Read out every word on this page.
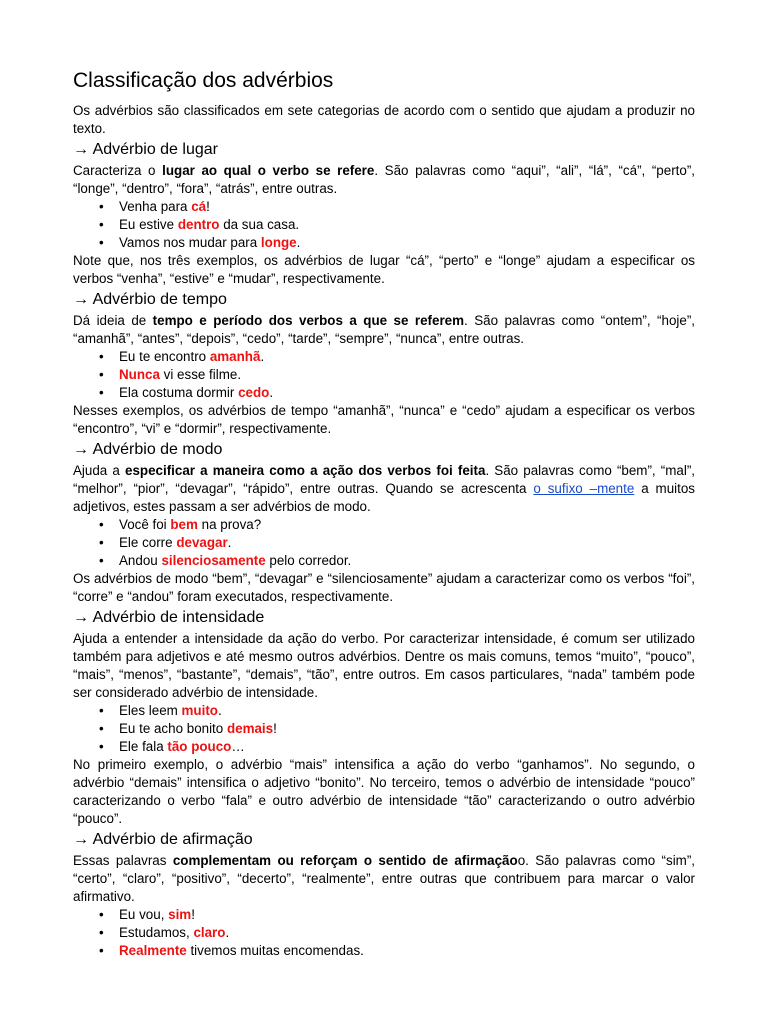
Classificação dos advérbios

Os advérbios são classificados em sete categorias de acordo com o sentido que ajudam a produzir no texto.

→ Advérbio de lugar

Caracteriza o lugar ao qual o verbo se refere. São palavras como “aqui”, “ali”, “lá”, “cá”, “perto”, “longe”, “dentro”, “fora”, “atrás”, entre outras.

• Venha para cá!
• Eu estive dentro da sua casa.
• Vamos nos mudar para longe.

Note que, nos três exemplos, os advérbios de lugar “cá”, “perto” e “longe” ajudam a especificar os verbos “venha”, “estive” e “mudar”, respectivamente.

→ Advérbio de tempo

Dá ideia de tempo e período dos verbos a que se referem. São palavras como “ontem”, “hoje”, “amanhã”, “antes”, “depois”, “cedo”, “tarde”, “sempre”, “nunca”, entre outras.

• Eu te encontro amanhã.
• Nunca vi esse filme.
• Ela costuma dormir cedo.

Nesses exemplos, os advérbios de tempo “amanhã”, “nunca” e “cedo” ajudam a especificar os verbos “encontro”, “vi” e “dormir”, respectivamente.

→ Advérbio de modo

Ajuda a especificar a maneira como a ação dos verbos foi feita. São palavras como “bem”, “mal”, “melhor”, “pior”, “devagar”, “rápido”, entre outras. Quando se acrescenta o sufixo –mente a muitos adjetivos, estes passam a ser advérbios de modo.

• Você foi bem na prova?
• Ele corre devagar.
• Andou silenciosamente pelo corredor.

Os advérbios de modo “bem”, “devagar” e “silenciosamente” ajudam a caracterizar como os verbos “foi”, “corre” e “andou” foram executados, respectivamente.

→ Advérbio de intensidade

Ajuda a entender a intensidade da ação do verbo. Por caracterizar intensidade, é comum ser utilizado também para adjetivos e até mesmo outros advérbios. Dentre os mais comuns, temos “muito”, “pouco”, “mais”, “menos”, “bastante”, “demais”, “tão”, entre outros. Em casos particulares, “nada” também pode ser considerado advérbio de intensidade.

• Eles leem muito.
• Eu te acho bonito demais!
• Ele fala tão pouco…

No primeiro exemplo, o advérbio “mais” intensifica a ação do verbo “ganhamos”. No segundo, o advérbio “demais” intensifica o adjetivo “bonito”. No terceiro, temos o advérbio de intensidade “pouco” caracterizando o verbo “fala” e outro advérbio de intensidade “tão” caracterizando o outro advérbio “pouco”.

→ Advérbio de afirmação

Essas palavras complementam ou reforçam o sentido de afirmaçãoo. São palavras como “sim”, “certo”, “claro”, “positivo”, “decerto”, “realmente”, entre outras que contribuem para marcar o valor afirmativo.

• Eu vou, sim!
• Estudamos, claro.
• Realmente tivemos muitas encomendas.
